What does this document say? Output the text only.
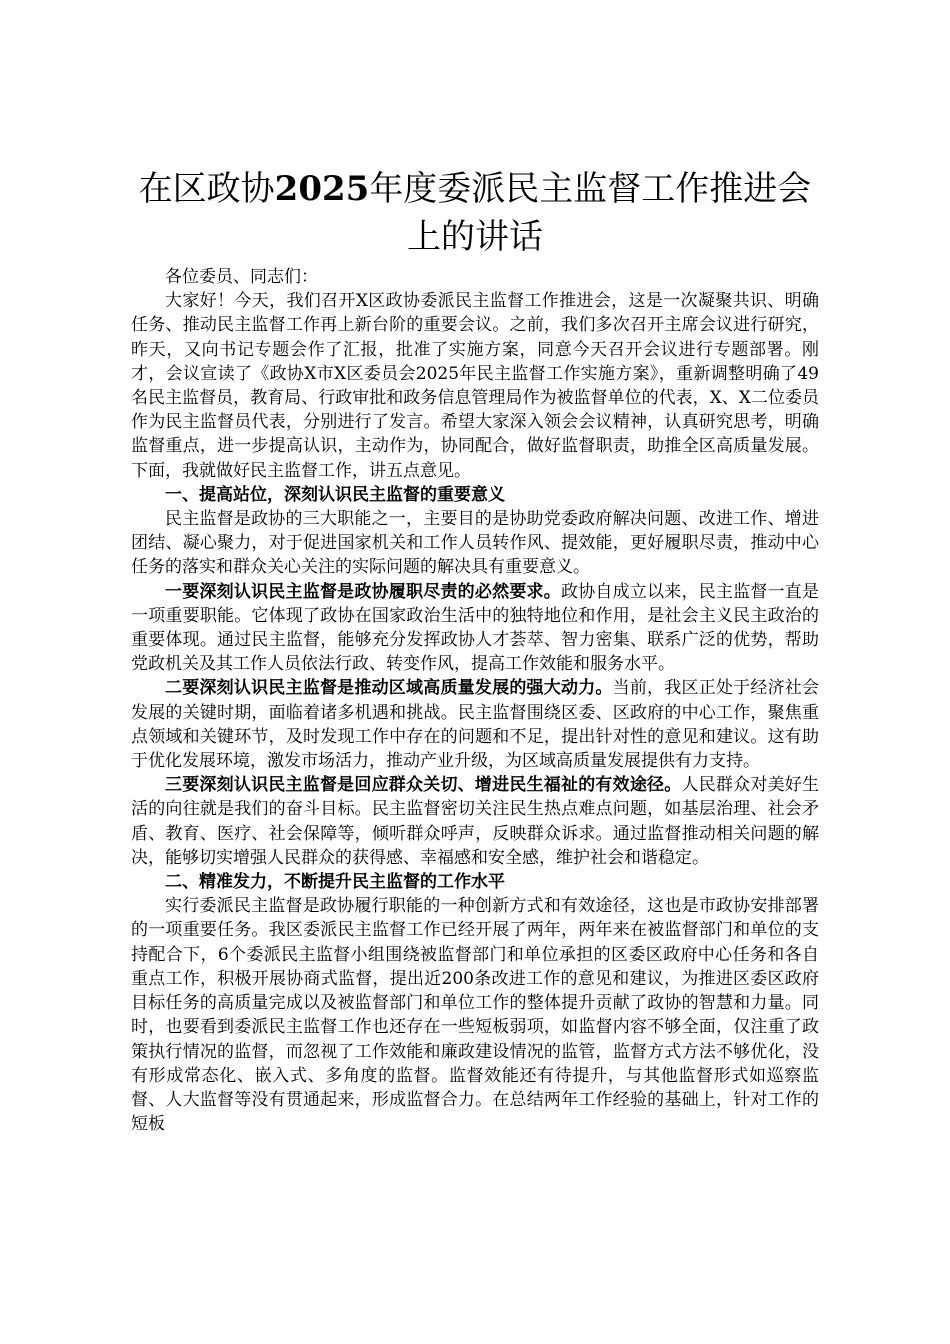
在区政协2025年度委派民主监督工作推进会上的讲话

各位委员、同志们：

大家好！今天，我们召开X区政协委派民主监督工作推进会，这是一次凝聚共识、明确任务、推动民主监督工作再上新台阶的重要会议。之前，我们多次召开主席会议进行研究，昨天，又向书记专题会作了汇报，批准了实施方案，同意今天召开会议进行专题部署。刚才，会议宣读了《政协X市X区委员会2025年民主监督工作实施方案》，重新调整明确了49名民主监督员，教育局、行政审批和政务信息管理局作为被监督单位的代表，X、X二位委员作为民主监督员代表，分别进行了发言。希望大家深入领会会议精神，认真研究思考，明确监督重点，进一步提高认识，主动作为，协同配合，做好监督职责，助推全区高质量发展。下面，我就做好民主监督工作，讲五点意见。

一、提高站位，深刻认识民主监督的重要意义

民主监督是政协的三大职能之一，主要目的是协助党委政府解决问题、改进工作、增进团结、凝心聚力，对于促进国家机关和工作人员转作风、提效能，更好履职尽责，推动中心任务的落实和群众关心关注的实际问题的解决具有重要意义。

一要深刻认识民主监督是政协履职尽责的必然要求。政协自成立以来，民主监督一直是一项重要职能。它体现了政协在国家政治生活中的独特地位和作用，是社会主义民主政治的重要体现。通过民主监督，能够充分发挥政协人才荟萃、智力密集、联系广泛的优势，帮助党政机关及其工作人员依法行政、转变作风，提高工作效能和服务水平。

二要深刻认识民主监督是推动区域高质量发展的强大动力。当前，我区正处于经济社会发展的关键时期，面临着诸多机遇和挑战。民主监督围绕区委、区政府的中心工作，聚焦重点领域和关键环节，及时发现工作中存在的问题和不足，提出针对性的意见和建议。这有助于优化发展环境，激发市场活力，推动产业升级，为区域高质量发展提供有力支持。

三要深刻认识民主监督是回应群众关切、增进民生福祉的有效途径。人民群众对美好生活的向往就是我们的奋斗目标。民主监督密切关注民生热点难点问题，如基层治理、社会矛盾、教育、医疗、社会保障等，倾听群众呼声，反映群众诉求。通过监督推动相关问题的解决，能够切实增强人民群众的获得感、幸福感和安全感，维护社会和谐稳定。

二、精准发力，不断提升民主监督的工作水平

实行委派民主监督是政协履行职能的一种创新方式和有效途径，这也是市政协安排部署的一项重要任务。我区委派民主监督工作已经开展了两年，两年来在被监督部门和单位的支持配合下，6个委派民主监督小组围绕被监督部门和单位承担的区委区政府中心任务和各自重点工作，积极开展协商式监督，提出近200条改进工作的意见和建议，为推进区委区政府目标任务的高质量完成以及被监督部门和单位工作的整体提升贡献了政协的智慧和力量。同时，也要看到委派民主监督工作也还存在一些短板弱项，如监督内容不够全面，仅注重了政策执行情况的监督，而忽视了工作效能和廉政建设情况的监管，监督方式方法不够优化，没有形成常态化、嵌入式、多角度的监督。监督效能还有待提升，与其他监督形式如巡察监督、人大监督等没有贯通起来，形成监督合力。在总结两年工作经验的基础上，针对工作的短板
